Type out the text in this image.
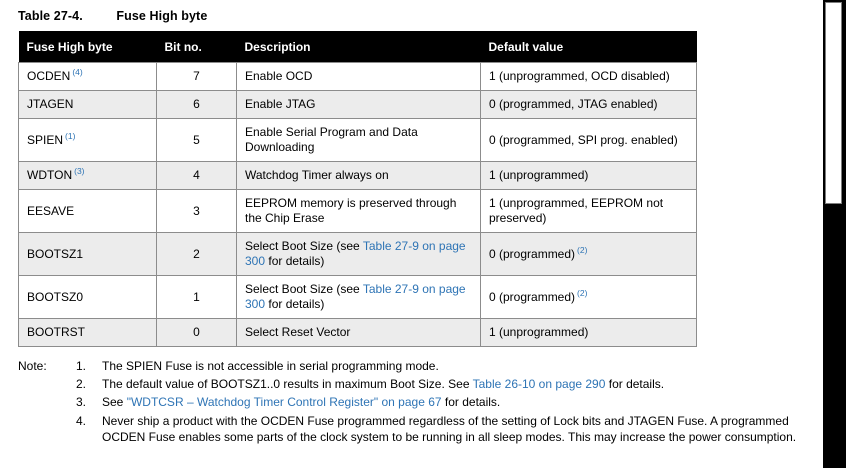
Table 27-4.	Fuse High byte
Fuse High byte	Bit no.	Description	Default value
OCDEN $^{(4)}$	7	Enable OCD	1 (unprogrammed, OCD disabled)
JTAGEN	6	Enable JTAG	0 (programmed, JTAG enabled)
SPIEN $^{(1)}$	5	Enable Serial Program and Data Downloading	0 (programmed, SPI prog. enabled)
WDTON $^{(3)}$	4	Watchdog Timer always on	1 (unprogrammed)
EESAVE	3	EEPROM memory is preserved through the Chip Erase	1 (unprogrammed, EEPROM not preserved)
BOOTSZ1	2	Select Boot Size (see Table 27-9 on page 300 for details)	0 (programmed) $^{(2)}$
BOOTSZ0	1	Select Boot Size (see Table 27-9 on page 300 for details)	0 (programmed) $^{(2)}$
BOOTRST	0	Select Reset Vector	1 (unprogrammed)
Note:	1.	The SPIEN Fuse is not accessible in serial programming mode.
2.	The default value of BOOTSZ1..0 results in maximum Boot Size. See Table 26-10 on page 290 for details.
3.	See "WDTCSR – Watchdog Timer Control Register" on page 67 for details.
4.	Never ship a product with the OCDEN Fuse programmed regardless of the setting of Lock bits and JTAGEN Fuse. A programmed OCDEN Fuse enables some parts of the clock system to be running in all sleep modes. This may increase the power consumption.
